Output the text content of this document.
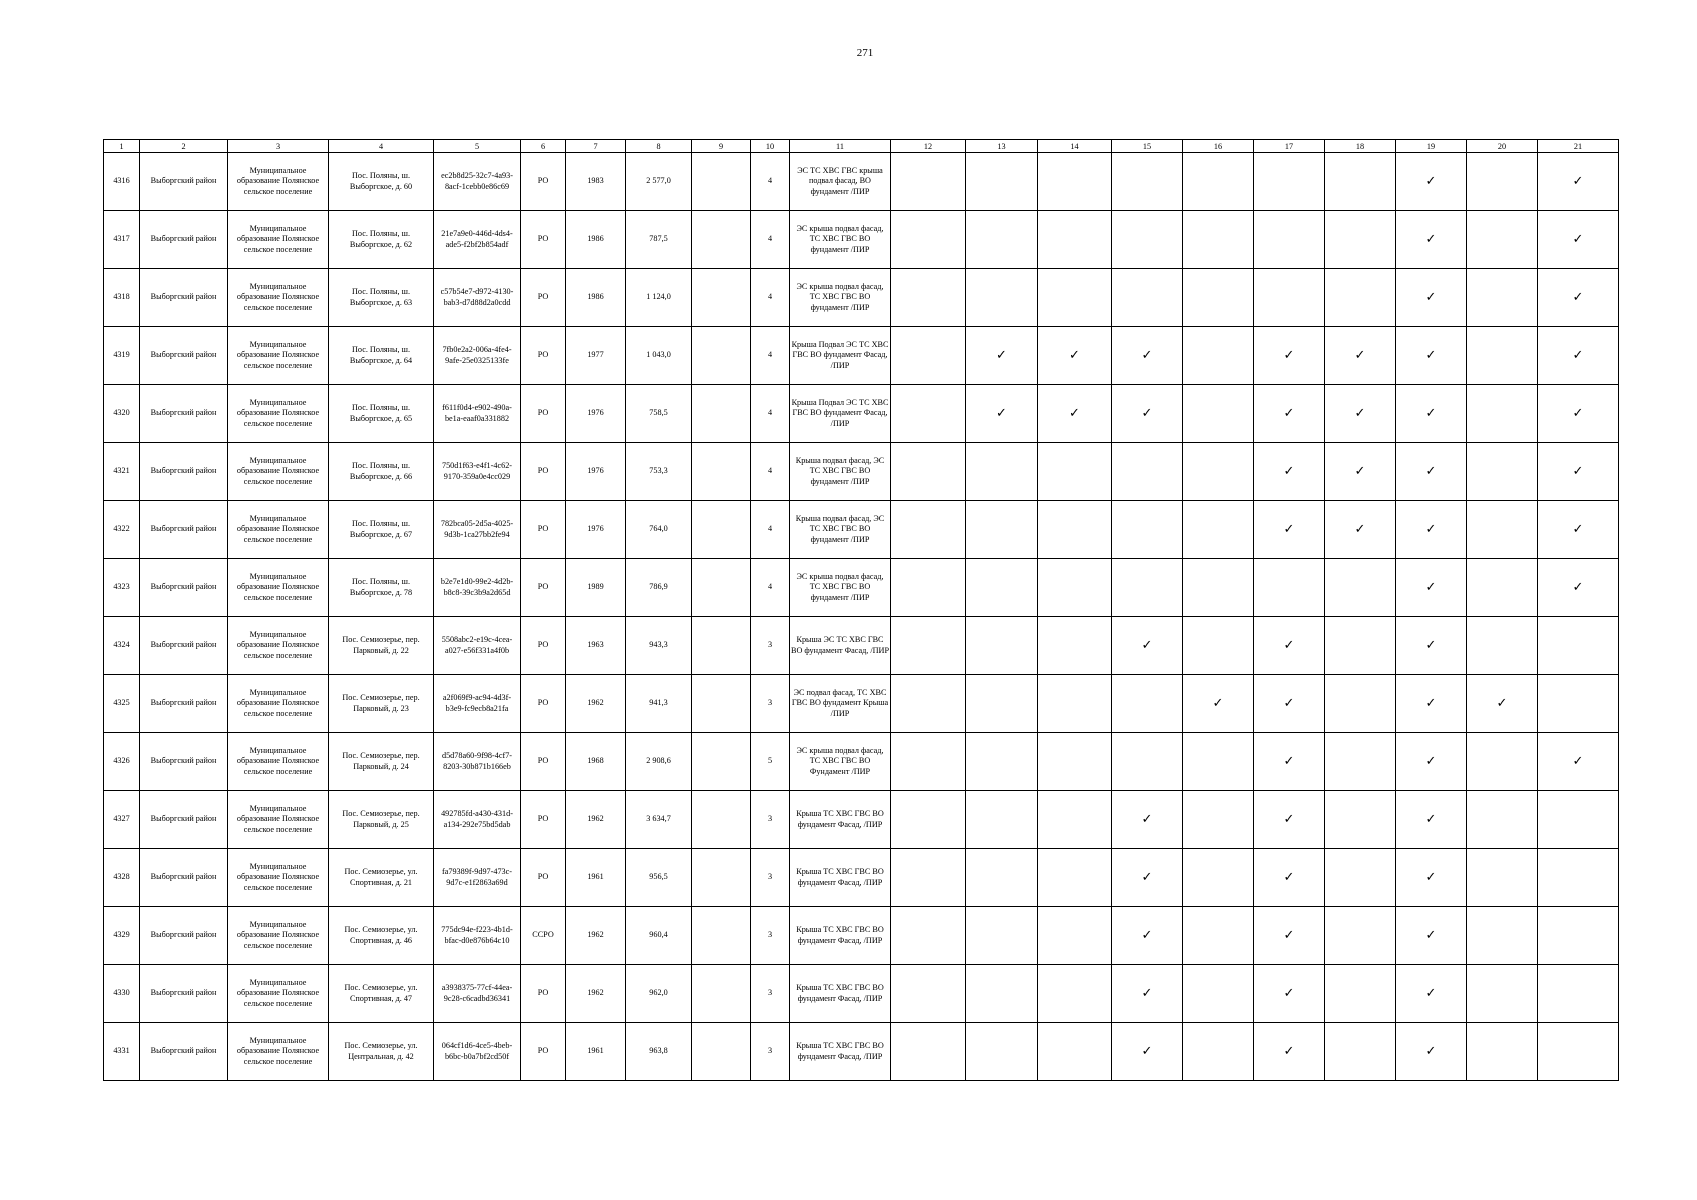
271
1	2	3	4	5	6	7	8	9	10	11	12	13	14	15	16	17	18	19	20	21
4316	Выборгский район	Муниципальное образование Полянское сельское поселение	Пос. Поляны, ш. Выборгское, д. 60	ec2b8d25-32c7-4a93-8acf-1cebb0e86c69	РО	1983	2 577,0		4	ЭС ТС ХВС ГВС крыша подвал фасад, ВО фундамент /ПИР								✓		✓
4317	Выборгский район	Муниципальное образование Полянское сельское поселение	Пос. Поляны, ш. Выборгское, д. 62	21e7a9e0-446d-4ds4-ade5-f2bf2b854adf	РО	1986	787,5		4	ЭС крыша подвал фасад, ТС ХВС ГВС ВО фундамент /ПИР								✓		✓
4318	Выборгский район	Муниципальное образование Полянское сельское поселение	Пос. Поляны, ш. Выборгское, д. 63	c57b54e7-d972-4130-bab3-d7d88d2a0cdd	РО	1986	1 124,0		4	ЭС крыша подвал фасад, ТС ХВС ГВС ВО фундамент /ПИР								✓		✓
4319	Выборгский район	Муниципальное образование Полянское сельское поселение	Пос. Поляны, ш. Выборгское, д. 64	7fb0e2a2-006a-4fe4-9afe-25e0325133fe	РО	1977	1 043,0		4	Крыша Подвал ЭС ТС ХВС ГВС ВО фундамент Фасад, /ПИР		✓	✓	✓		✓	✓	✓		✓
4320	Выборгский район	Муниципальное образование Полянское сельское поселение	Пос. Поляны, ш. Выборгское, д. 65	f611f0d4-e902-490a-be1a-eaaf0a331882	РО	1976	758,5		4	Крыша Подвал ЭС ТС ХВС ГВС ВО фундамент Фасад, /ПИР		✓	✓	✓		✓	✓	✓		✓
4321	Выборгский район	Муниципальное образование Полянское сельское поселение	Пос. Поляны, ш. Выборгское, д. 66	750d1f63-e4f1-4c62-9170-359a0e4cc029	РО	1976	753,3		4	Крыша подвал фасад, ЭС ТС ХВС ГВС ВО фундамент /ПИР						✓	✓	✓		✓
4322	Выборгский район	Муниципальное образование Полянское сельское поселение	Пос. Поляны, ш. Выборгское, д. 67	782bca05-2d5a-4025-9d3b-1ca27bb2fe94	РО	1976	764,0		4	Крыша подвал фасад, ЭС ТС ХВС ГВС ВО фундамент /ПИР						✓	✓	✓		✓
4323	Выборгский район	Муниципальное образование Полянское сельское поселение	Пос. Поляны, ш. Выборгское, д. 78	b2e7e1d0-99e2-4d2b-b8c8-39c3b9a2d65d	РО	1989	786,9		4	ЭС крыша подвал фасад, ТС ХВС ГВС ВО фундамент /ПИР								✓		✓
4324	Выборгский район	Муниципальное образование Полянское сельское поселение	Пос. Семиозерье, пер. Парковый, д. 22	5508abc2-e19c-4cea-a027-e56f331a4f0b	РО	1963	943,3		3	Крыша ЭС ТС ХВС ГВС ВО фундамент Фасад, /ПИР				✓		✓		✓		
4325	Выборгский район	Муниципальное образование Полянское сельское поселение	Пос. Семиозерье, пер. Парковый, д. 23	a2f069f9-ac94-4d3f-b3e9-fc9ecb8a21fa	РО	1962	941,3		3	ЭС подвал фасад, ТС ХВС ГВС ВО фундамент Крыша /ПИР					✓	✓		✓	✓	
4326	Выборгский район	Муниципальное образование Полянское сельское поселение	Пос. Семиозерье, пер. Парковый, д. 24	d5d78a60-9f98-4cf7-8203-30b871b166eb	РО	1968	2 908,6		5	ЭС крыша подвал фасад, ТС ХВС ГВС ВО Фундамент /ПИР						✓		✓		✓
4327	Выборгский район	Муниципальное образование Полянское сельское поселение	Пос. Семиозерье, пер. Парковый, д. 25	492785fd-a430-431d-a134-292e75bd5dab	РО	1962	3 634,7		3	Крыша ТС ХВС ГВС ВО фундамент Фасад, /ПИР				✓		✓		✓		
4328	Выборгский район	Муниципальное образование Полянское сельское поселение	Пос. Семиозерье, ул. Спортивная, д. 21	fa79389f-9d97-473c-9d7c-e1f2863a69d	РО	1961	956,5		3	Крыша ТС ХВС ГВС ВО фундамент Фасад, /ПИР				✓		✓		✓		
4329	Выборгский район	Муниципальное образование Полянское сельское поселение	Пос. Семиозерье, ул. Спортивная, д. 46	775dc94e-f223-4b1d-bfac-d0e876b64c10	ССРО	1962	960,4		3	Крыша ТС ХВС ГВС ВО фундамент Фасад, /ПИР				✓		✓		✓		
4330	Выборгский район	Муниципальное образование Полянское сельское поселение	Пос. Семиозерье, ул. Спортивная, д. 47	a3938375-77cf-44ea-9c28-c6cadbd36341	РО	1962	962,0		3	Крыша ТС ХВС ГВС ВО фундамент Фасад, /ПИР				✓		✓		✓		
4331	Выборгский район	Муниципальное образование Полянское сельское поселение	Пос. Семиозерье, ул. Центральная, д. 42	064cf1d6-4ce5-4beb-b6bc-b0a7bf2cd50f	РО	1961	963,8		3	Крыша ТС ХВС ГВС ВО фундамент Фасад, /ПИР				✓		✓		✓		
